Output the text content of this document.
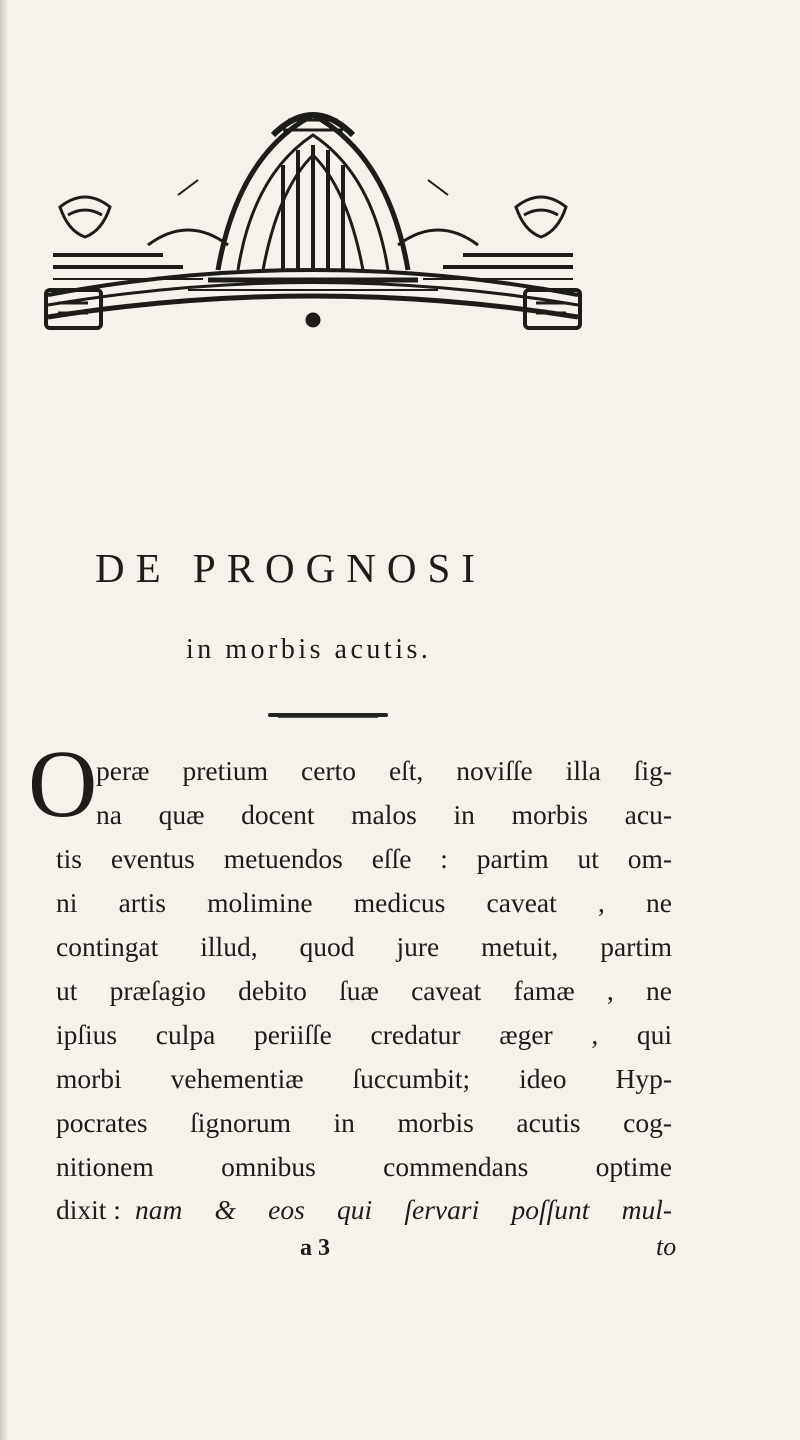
DE PROGNOSI
in morbis acutis.
O
peræ pretium certo eſt, noviſſe illa ſig-
na quæ docent malos in morbis acu-
tis eventus metuendos eſſe : partim ut om-
ni artis molimine medicus caveat , ne
contingat illud, quod jure metuit, partim
ut præſagio debito ſuæ caveat famæ , ne
ipſius culpa periiſſe credatur æger , qui
morbi vehementiæ ſuccumbit; ideo Hyp-
pocrates ſignorum in morbis acutis cog-
nitionem omnibus commendans optime
dixit : nam & eos qui ſervari poſſunt mul-
a 3	to
